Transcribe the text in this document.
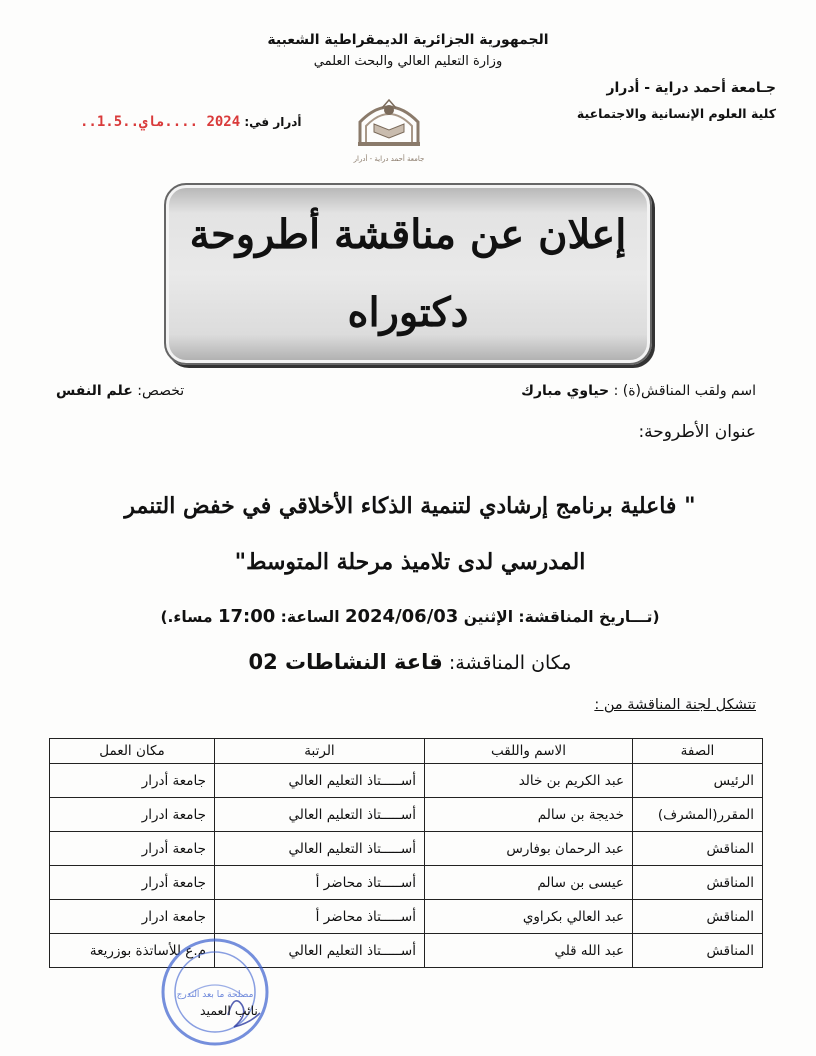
الجمهورية الجزائرية الديمقراطية الشعبية
وزارة التعليم العالي والبحث العلمي
جـامعة أحمد دراية - أدرار
كلية العلوم الإنسانية والاجتماعية
أدرار في: 2024 ....ماي..1.5..
جامعة أحمد دراية - أدرار
إعلان عن مناقشة أطروحة
دكتوراه
اسم ولقب المناقش(ة) : حياوي مبارك
تخصص: علم النفس
عنوان الأطروحة:
" فاعلية برنامج إرشادي لتنمية الذكاء الأخلاقي في خفض التنمر
المدرسي لدى تلاميذ مرحلة المتوسط"
(تـــاريخ المناقشة: الإثنين 2024/06/03 الساعة: 17:00 مساء.)
مكان المناقشة: قاعة النشاطات 02
تتشكل لجنة المناقشة من :
الصفة	الاسم واللقب	الرتبة	مكان العمل
الرئيس	عبد الكريم بن خالد	أســـــتاذ التعليم العالي	جامعة أدرار
المقرر(المشرف)	خديجة بن سالم	أســـــتاذ التعليم العالي	جامعة ادرار
المناقش	عبد الرحمان بوفارس	أســـــتاذ التعليم العالي	جامعة أدرار
المناقش	عيسى بن سالم	أســـــتاذ محاضر أ	جامعة أدرار
المناقش	عبد العالي بكراوي	أســـــتاذ محاضر أ	جامعة ادرار
المناقش	عبد الله قلي	أســـــتاذ التعليم العالي	م.ع للأساتذة بوزريعة
مصلحة ما بعد التدرج
نائب العميد
